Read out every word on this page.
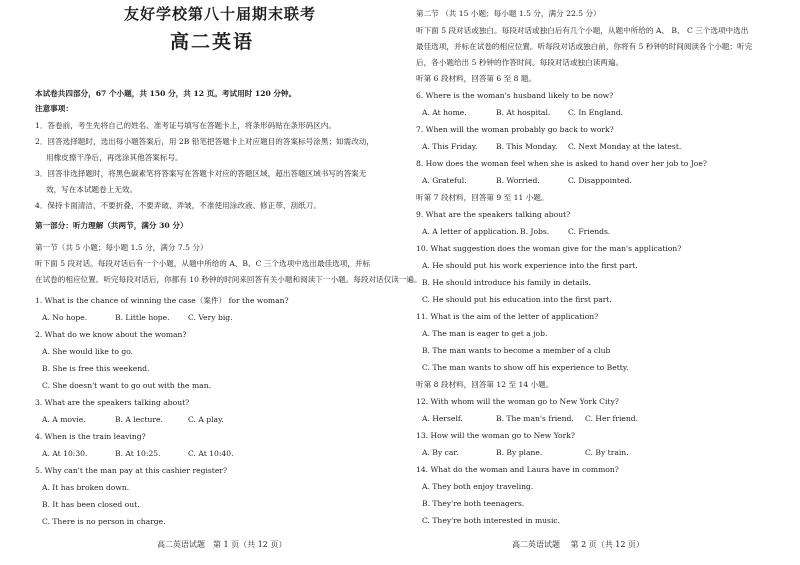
友好学校第八十届期末联考
高二英语
本试卷共四部分，67 个小题，共 150 分，共 12 页。考试用时 120 分钟。
注意事项：
1．答卷前，考生先将自己的姓名、准考证号填写在答题卡上，将条形码贴在条形码区内。
2．回答选择题时，选出每小题答案后，用 2B 铅笔把答题卡上对应题目的答案标号涂黑；如需改动，
用橡皮擦干净后，再选涂其他答案标号。
3．回答非选择题时，将黑色碳素笔将答案写在答题卡对应的答题区域，超出答题区域书写的答案无
效，写在本试题卷上无效。
4．保持卡面清洁，不要折叠，不要弄破、弄皱，不准使用涂改液、修正带、刮纸刀。
第一部分：听力理解（共两节，满分 30 分）
第一节（共 5 小题；每小题 1.5 分，满分 7.5 分）
听下面 5 段对话。每段对话后有一个小题，从题中所给的 A、B、C 三个选项中选出最佳选项，并标
在试卷的相应位置。听完每段对话后，你都有 10 秒钟的时间来回答有关小题和阅读下一小题。每段对话仅读一遍。
1. What is the chance of winning the case（案件） for the woman?
A. No hope.	B. Little hope. C. Very big.
2. What do we know about the woman?
A. She would like to go.
B. She is free this weekend.
C. She doesn't want to go out with the man.
3. What are the speakers talking about?
A. A movie.	B. A lecture.	C. A play.
4. When is the train leaving?
A. At 10:30.	B. At 10:25.	C. At 10:40.
5. Why can't the man pay at this cashier register?
A. It has broken down.
B. It has been closed out.
C. There is no person in charge.
高二英语试题　第 1 页（共 12 页）
第二节 （共 15 小题；每小题 1.5 分，满分 22.5 分）
听下面 5 段对话或独白。每段对话或独白后有几个小题，从题中所给的 A、 B、 C 三个选项中选出
最佳选项，并标在试卷的相应位置。听每段对话或独白前，你将有 5 秒钟的时间阅读各个小题；听完
后，各小题给出 5 秒钟的作答时间。每段对话或独白读两遍。
听第 6 段材料，回答第 6 至 8 题。
6. Where is the woman's husband likely to be now?
A. At home.	B. At hospital. C. In England.
7. When will the woman probably go back to work?
A. This Friday. B. This Monday. C. Next Monday at the latest.
8. How does the woman feel when she is asked to hand over her job to Joe?
A. Grateful.	B. Worried.	C. Disappointed.
听第 7 段材料，回答第 9 至 11 小题。
9. What are the speakers talking about?
A. A letter of application. B. Jobs. C. Friends.
10. What suggestion does the woman give for the man's application?
A. He should put his work experience into the first part.
B. He should introduce his family in details.
C. He should put his education into the first part.
11. What is the aim of the letter of application?
A. The man is eager to get a job.
B. The man wants to become a member of a club
C. The man wants to show off his experience to Betty.
听第 8 段材料，回答第 12 至 14 小题。
12. With whom will the woman go to New York City?
A. Herself.	B. The man's friend. C. Her friend.
13. How will the woman go to New York?
A. By car.	B. By plane.	C. By train.
14. What do the woman and Laura have in common?
A. They both enjoy traveling.
B. They're both teenagers.
C. They're both interested in music.
高二英语试题　 第 2 页（共 12 页）
